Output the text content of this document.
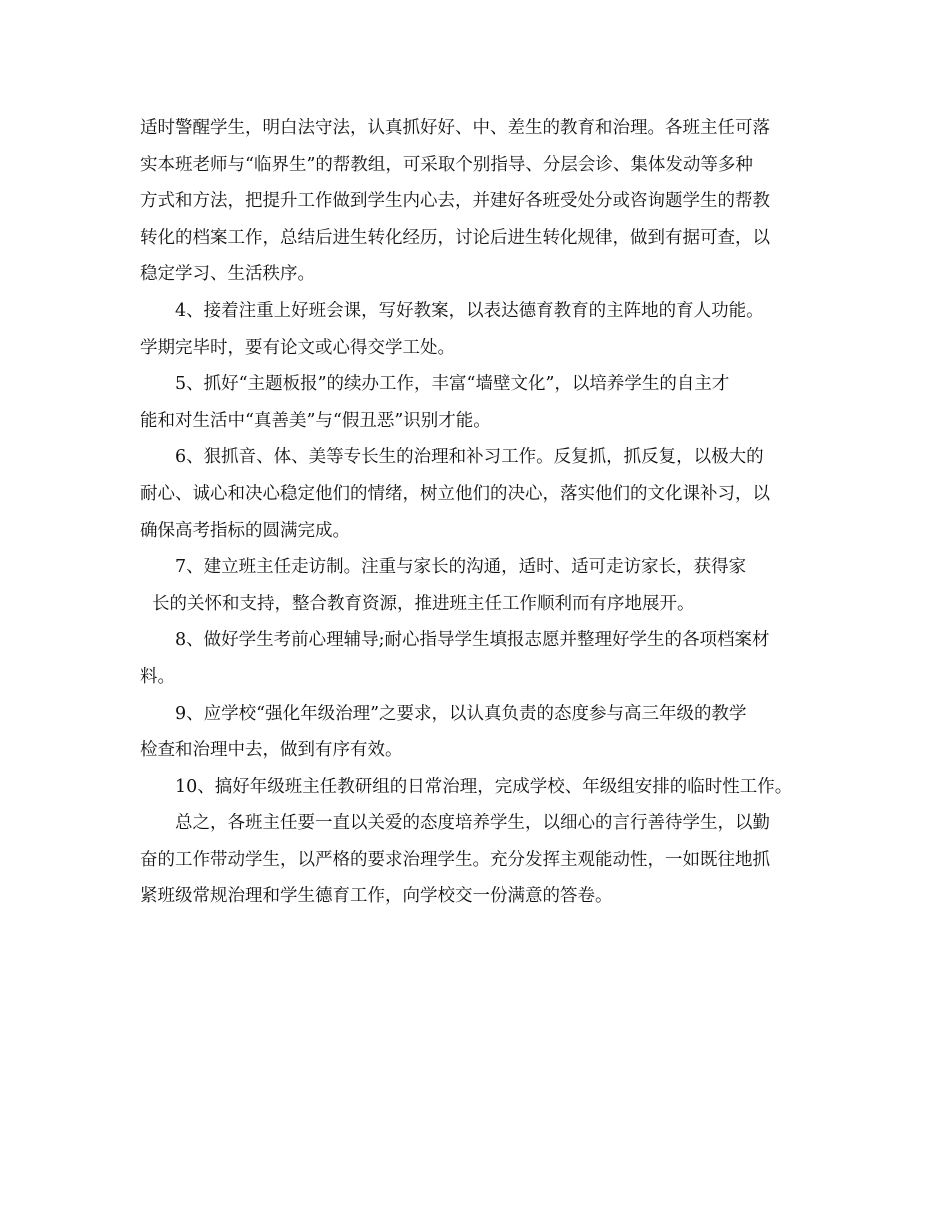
适时警醒学生，明白法守法，认真抓好好、中、差生的教育和治理。各班主任可落
实本班老师与“临界生”的帮教组，可采取个别指导、分层会诊、集体发动等多种
方式和方法，把提升工作做到学生内心去，并建好各班受处分或咨询题学生的帮教
转化的档案工作，总结后进生转化经历，讨论后进生转化规律，做到有据可查，以
稳定学习、生活秩序。
4、接着注重上好班会课，写好教案，以表达德育教育的主阵地的育人功能。
学期完毕时，要有论文或心得交学工处。
5、抓好“主题板报”的续办工作，丰富“墙壁文化”，以培养学生的自主才
能和对生活中“真善美”与“假丑恶”识别才能。
6、狠抓音、体、美等专长生的治理和补习工作。反复抓，抓反复，以极大的
耐心、诚心和决心稳定他们的情绪，树立他们的决心，落实他们的文化课补习，以
确保高考指标的圆满完成。
7、建立班主任走访制。注重与家长的沟通，适时、适可走访家长，获得家
长的关怀和支持，整合教育资源，推进班主任工作顺利而有序地展开。
8、做好学生考前心理辅导;耐心指导学生填报志愿并整理好学生的各项档案材
料。
9、应学校“强化年级治理”之要求，以认真负责的态度参与高三年级的教学
检查和治理中去，做到有序有效。
10、搞好年级班主任教研组的日常治理，完成学校、年级组安排的临时性工作。
总之，各班主任要一直以关爱的态度培养学生，以细心的言行善待学生，以勤
奋的工作带动学生，以严格的要求治理学生。充分发挥主观能动性，一如既往地抓
紧班级常规治理和学生德育工作，向学校交一份满意的答卷。
